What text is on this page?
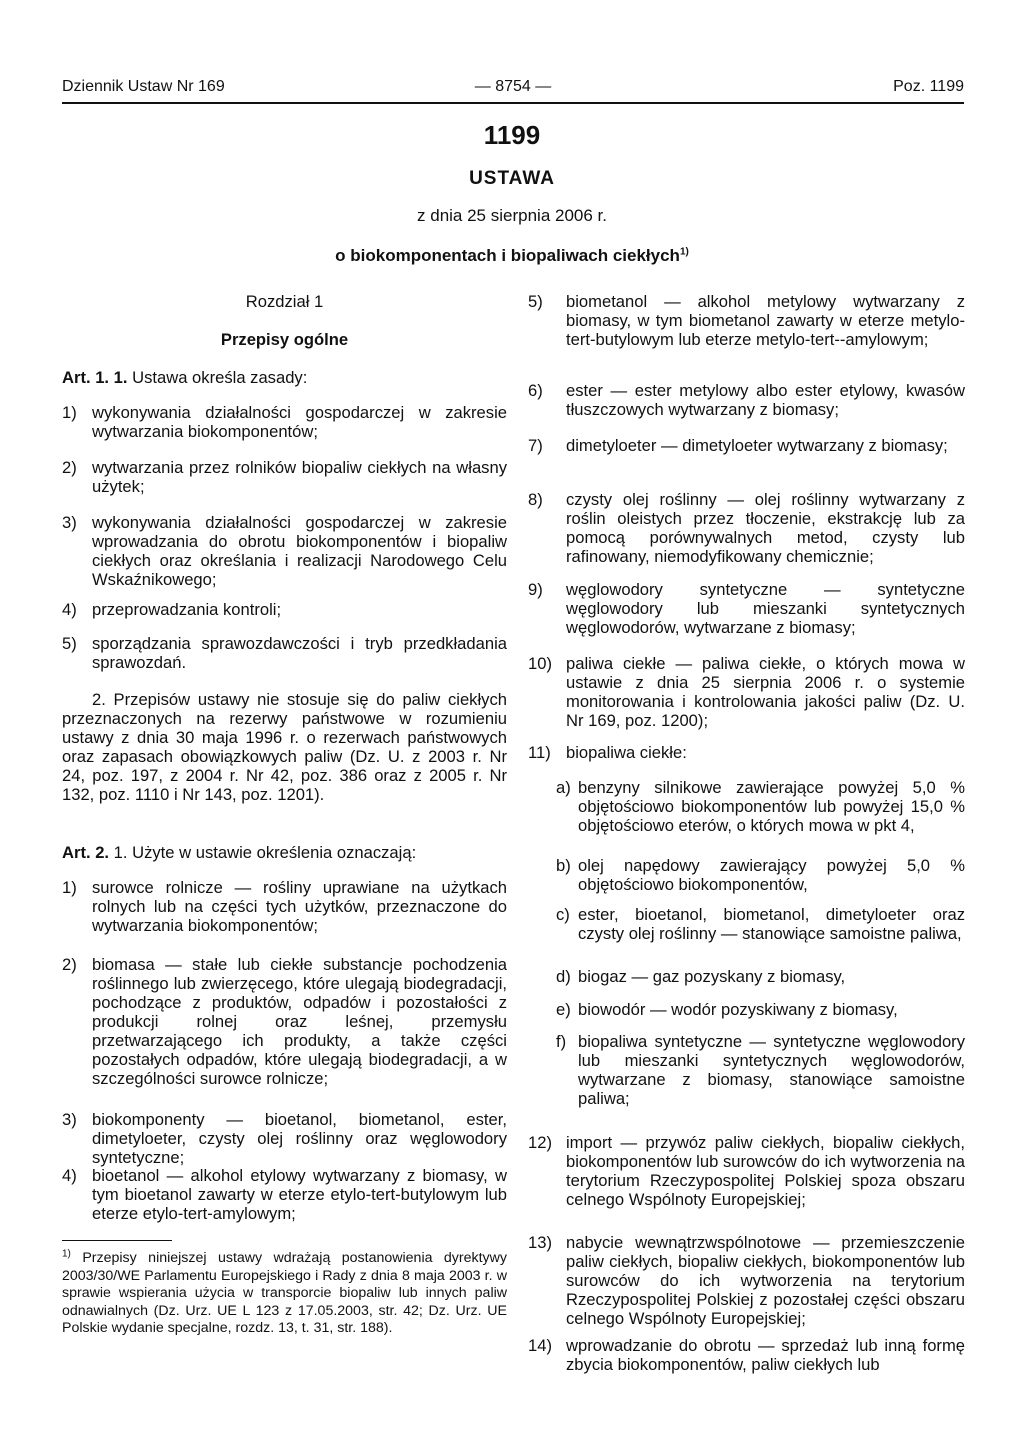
Dziennik Ustaw Nr 169	— 8754 —	Poz. 1199
1199
USTAWA
z dnia 25 sierpnia 2006 r.
o biokomponentach i biopaliwach ciekłych$^{1)}$
Rozdział 1
Przepisy ogólne
Art. 1. 1. Ustawa określa zasady:
1) wykonywania działalności gospodarczej w zakresie wytwarzania biokomponentów;
2) wytwarzania przez rolników biopaliw ciekłych na własny użytek;
3) wykonywania działalności gospodarczej w zakresie wprowadzania do obrotu biokomponentów i biopaliw ciekłych oraz określania i realizacji Narodowego Celu Wskaźnikowego;
4) przeprowadzania kontroli;
5) sporządzania sprawozdawczości i tryb przedkładania sprawozdań.
2. Przepisów ustawy nie stosuje się do paliw ciekłych przeznaczonych na rezerwy państwowe w rozumieniu ustawy z dnia 30 maja 1996 r. o rezerwach państwowych oraz zapasach obowiązkowych paliw (Dz. U. z 2003 r. Nr 24, poz. 197, z 2004 r. Nr 42, poz. 386 oraz z 2005 r. Nr 132, poz. 1110 i Nr 143, poz. 1201).
Art. 2. 1. Użyte w ustawie określenia oznaczają:
1) surowce rolnicze — rośliny uprawiane na użytkach rolnych lub na części tych użytków, przeznaczone do wytwarzania biokomponentów;
2) biomasa — stałe lub ciekłe substancje pochodzenia roślinnego lub zwierzęcego, które ulegają biodegradacji, pochodzące z produktów, odpadów i pozostałości z produkcji rolnej oraz leśnej, przemysłu przetwarzającego ich produkty, a także części pozostałych odpadów, które ulegają biodegradacji, a w szczególności surowce rolnicze;
3) biokomponenty — bioetanol, biometanol, ester, dimetyloeter, czysty olej roślinny oraz węglowodory syntetyczne;
4) bioetanol — alkohol etylowy wytwarzany z biomasy, w tym bioetanol zawarty w eterze etylo-tert-butylowym lub eterze etylo-tert-amylowym;
$^{1)}$ Przepisy niniejszej ustawy wdrażają postanowienia dyrektywy 2003/30/WE Parlamentu Europejskiego i Rady z dnia 8 maja 2003 r. w sprawie wspierania użycia w transporcie biopaliw lub innych paliw odnawialnych (Dz. Urz. UE L 123 z 17.05.2003, str. 42; Dz. Urz. UE Polskie wydanie specjalne, rozdz. 13, t. 31, str. 188).
5)	biometanol — alkohol metylowy wytwarzany z biomasy, w tym biometanol zawarty w eterze metylo-tert-butylowym lub eterze metylo-tert--amylowym;
6)	ester — ester metylowy albo ester etylowy, kwasów tłuszczowych wytwarzany z biomasy;
7)	dimetyloeter — dimetyloeter wytwarzany z biomasy;
8)	czysty olej roślinny — olej roślinny wytwarzany z roślin oleistych przez tłoczenie, ekstrakcję lub za pomocą porównywalnych metod, czysty lub rafinowany, niemodyfikowany chemicznie;
9)	węglowodory syntetyczne — syntetyczne węglowodory lub mieszanki syntetycznych węglowodorów, wytwarzane z biomasy;
10) paliwa ciekłe — paliwa ciekłe, o których mowa w ustawie z dnia 25 sierpnia 2006 r. o systemie monitorowania i kontrolowania jakości paliw (Dz. U. Nr 169, poz. 1200);
11) biopaliwa ciekłe:
a) benzyny silnikowe zawierające powyżej 5,0 % objętościowo biokomponentów lub powyżej 15,0 % objętościowo eterów, o których mowa w pkt 4,
b) olej napędowy zawierający powyżej 5,0 % objętościowo biokomponentów,
c) ester, bioetanol, biometanol, dimetyloeter oraz czysty olej roślinny — stanowiące samoistne paliwa,
d) biogaz — gaz pozyskany z biomasy,
e) biowodór — wodór pozyskiwany z biomasy,
f) biopaliwa syntetyczne — syntetyczne węglowodory lub mieszanki syntetycznych węglowodorów, wytwarzane z biomasy, stanowiące samoistne paliwa;
12) import — przywóz paliw ciekłych, biopaliw ciekłych, biokomponentów lub surowców do ich wytworzenia na terytorium Rzeczypospolitej Polskiej spoza obszaru celnego Wspólnoty Europejskiej;
13) nabycie wewnątrzwspólnotowe — przemieszczenie paliw ciekłych, biopaliw ciekłych, biokomponentów lub surowców do ich wytworzenia na terytorium Rzeczypospolitej Polskiej z pozostałej części obszaru celnego Wspólnoty Europejskiej;
14) wprowadzanie do obrotu — sprzedaż lub inną formę zbycia biokomponentów, paliw ciekłych lub
